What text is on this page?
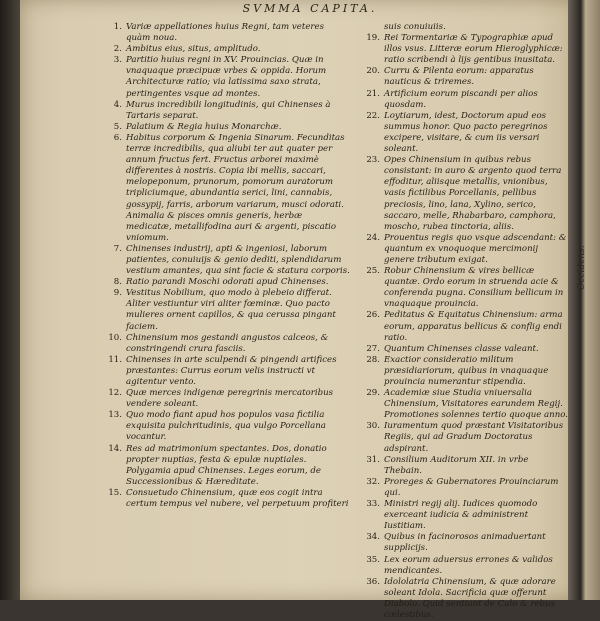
SVMMA CAPITA.

1. Variæ appellationes huius Regni, tam veteres quàm noua.

2. Ambitus eius, situs, amplitudo.

3. Partitio huius regni in XV. Prouincias. Quæ in vnaquaque præcipuæ vrbes & oppida. Horum Architecturæ ratio; via latissima saxo strata, pertingentes vsque ad montes.

4. Murus incredibili longitudinis, qui Chinenses à Tartaris separat.

5. Palatium & Regia huius Monarchæ.

6. Habitus corporum & Ingenia Sinarum. Fecunditas terræ incredibilis, qua aliubi ter aut quater per annum fructus fert. Fructus arborei maximè differentes à nostris. Copia ibi mellis, saccari, melopeponum, prunorum, pomorum auratorum tripliciumque, abundantia serici, lini, cannabis, gossypij, farris, arborum variarum, musci odorati. Animalia & pisces omnis generis, herbæ medicatæ, metallifodina auri & argenti, piscatio vniomum.

7. Chinenses industrij, apti & ingeniosi, laborum patientes, conuiuijs & genio dediti, splendidarum vestium amantes, qua sint facie & statura corporis.

8. Ratio parandi Moschi odorati apud Chinenses.

9. Vestitus Nobilium, quo modo à plebeio differat. Aliter vestiuntur viri aliter fœminæ. Quo pacto mulieres ornent capillos, & qua cerussa pingant faciem.

10. Chinensium mos gestandi angustos calceos, & constringendi crura fasciis.

11. Chinenses in arte sculpendi & pingendi artifices præstantes: Currus eorum velis instructi vt agitentur vento.

12. Quæ merces indigenæ peregrinis mercatoribus vendere soleant.

13. Quo modo fiant apud hos populos vasa fictilia exquisita pulchritudinis, qua vulgo Porcellana vocantur.

14. Res ad matrimonium spectantes. Dos, donatio propter nuptias, festa & epulæ nuptiales. Polygamia apud Chinenses. Leges eorum, de Successionibus & Hæreditate.

15. Consuetudo Chinensium, quæ eos cogit intra certum tempus vel nubere, vel perpetuum profiteri

suis conuiuiis.

19. Rei Tormentariæ & Typographiæ apud illos vsus. Litteræ eorum Hieroglyphicæ: ratio scribendi à lijs gentibus inusitata.

20. Curru & Pilenta eorum: apparatus nauticus & triremes.

21. Artificium eorum piscandi per alios quosdam.

22. Loytiarum, idest, Doctorum apud eos summus honor. Quo pacto peregrinos excipere, visitare, & cum iis versari soleant.

23. Opes Chinensium in quibus rebus consistant: in auro & argento quod terra effoditur, aliisque metallis, vnionibus, vasis fictilibus Porcellanis, pellibus preciosis, lino, lana, Xylino, serico, saccaro, melle, Rhabarbaro, camphora, moscho, rubea tinctoria, aliis.

24. Prouentus regis quo vsque adscendant: & quantum ex vnoquoque mercimonij genere tributum exigat.

25. Robur Chinensium & vires bellicæ quantæ. Ordo eorum in struenda acie & conferenda pugna. Consilium bellicum in vnaquaque prouincia.

26. Peditatus & Equitatus Chinensium: arma eorum, apparatus bellicus & conflig endi ratio.

27. Quantum Chinenses classe valeant.

28. Exactior consideratio militum præsidiariorum, quibus in vnaquaque prouincia numerantur stipendia.

29. Academiæ siue Studia vniuersalia Chinensium, Visitatores earundem Regij. Promotiones solennes tertio quoque anno.

30. Iuramentum quod præstant Visitatoribus Regiis, qui ad Gradum Doctoratus adspirant.

31. Consilium Auditorum XII. in vrbe Thebain.

32. Proreges & Gubernatores Prouinciarum qui.

33. Ministri regij alij. Iudices quomodo exerceant iudicia & administrent Iustitiam.

34. Quibus in facinorosos animaduertant supplicijs.

35. Lex eorum aduersus errones & validos mendicantes.

36. Idololatria Chinensium, & quæ adorare soleant Idola. Sacrificia quæ offerunt Diabolo. Quid sentiant de Calo & rebus cælestibus.

Occidens.
